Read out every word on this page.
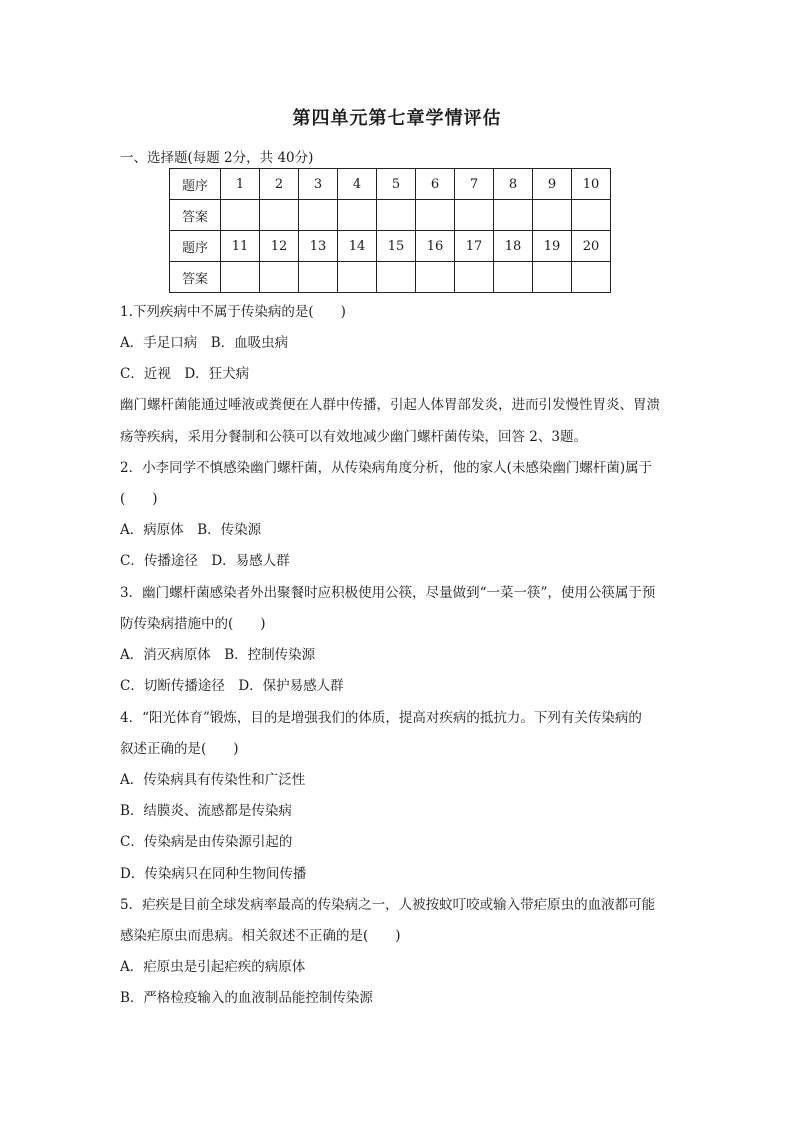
第四单元第七章学情评估
一、选择题(每题 2分，共 40分)
题序	1	2	3	4	5	6	7	8	9	10
答案										
题序	11	12	13	14	15	16	17	18	19	20
答案										
1.下列疾病中不属于传染病的是(　　)
A．手足口病　B．血吸虫病
C．近视　D．狂犬病
幽门螺杆菌能通过唾液或粪便在人群中传播，引起人体胃部发炎，进而引发慢性胃炎、胃溃
疡等疾病，采用分餐制和公筷可以有效地减少幽门螺杆菌传染，回答 2、3题。
2．小李同学不慎感染幽门螺杆菌，从传染病角度分析，他的家人(未感染幽门螺杆菌)属于
(　　)
A．病原体　B．传染源
C．传播途径　D．易感人群
3．幽门螺杆菌感染者外出聚餐时应积极使用公筷，尽量做到“一菜一筷”，使用公筷属于预
防传染病措施中的(　　)
A．消灭病原体　B．控制传染源
C．切断传播途径　D．保护易感人群
4．“阳光体育”锻炼，目的是增强我们的体质，提高对疾病的抵抗力。下列有关传染病的
叙述正确的是(　　)
A．传染病具有传染性和广泛性
B．结膜炎、流感都是传染病
C．传染病是由传染源引起的
D．传染病只在同种生物间传播
5．疟疾是目前全球发病率最高的传染病之一，人被按蚊叮咬或输入带疟原虫的血液都可能
感染疟原虫而患病。相关叙述不正确的是(　　)
A．疟原虫是引起疟疾的病原体
B．严格检疫输入的血液制品能控制传染源
